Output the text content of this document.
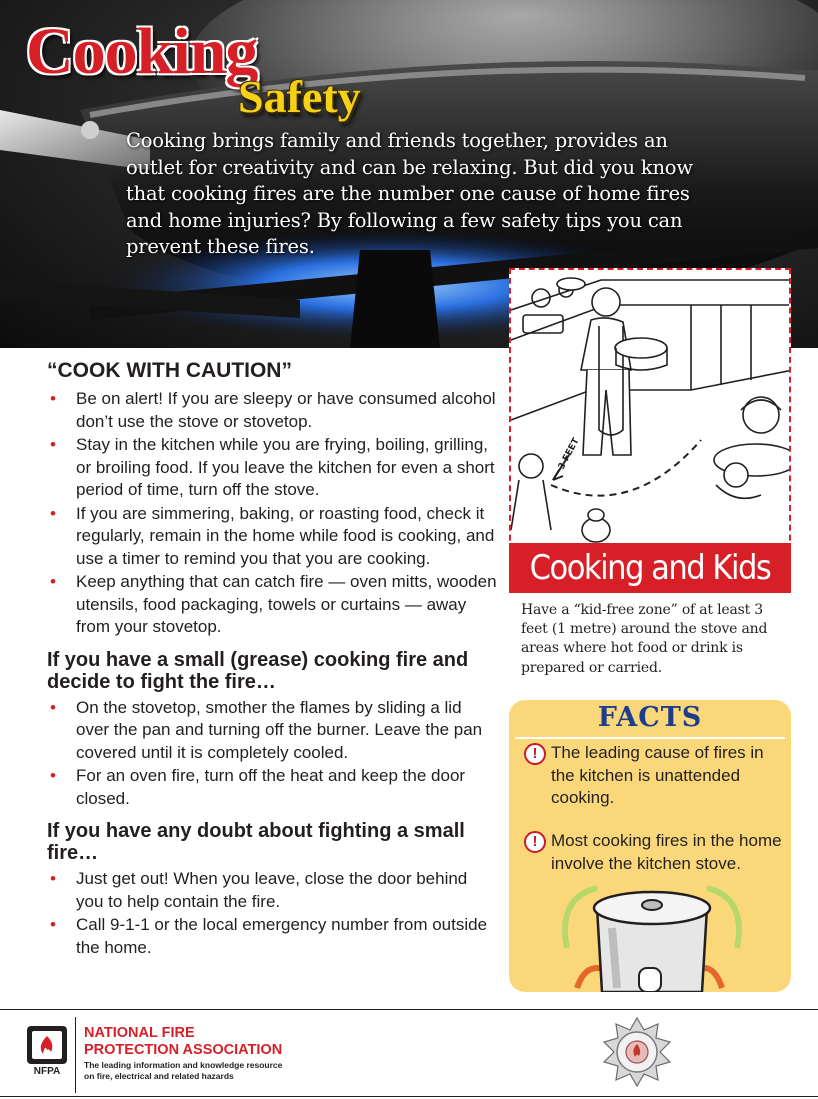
Cooking
Safety

Cooking brings family and friends together, provides an outlet for creativity and can be relaxing. But did you know that cooking fires are the number one cause of home fires and home injuries? By following a few safety tips you can prevent these fires.

“COOK WITH CAUTION”
• Be on alert! If you are sleepy or have consumed alcohol don’t use the stove or stovetop.
• Stay in the kitchen while you are frying, boiling, grilling, or broiling food. If you leave the kitchen for even a short period of time, turn off the stove.
• If you are simmering, baking, or roasting food, check it regularly, remain in the home while food is cooking, and use a timer to remind you that you are cooking.
• Keep anything that can catch fire — oven mitts, wooden utensils, food packaging, towels or curtains — away from your stovetop.
If you have a small (grease) cooking fire and decide to fight the fire…
• On the stovetop, smother the flames by sliding a lid over the pan and turning off the burner. Leave the pan covered until it is completely cooled.
• For an oven fire, turn off the heat and keep the door closed.
If you have any doubt about fighting a small fire…
• Just get out! When you leave, close the door behind you to help contain the fire.
• Call 9-1-1 or the local emergency number from outside the home.
3 FEET
Cooking and Kids

Have a “kid-free zone” of at least 3 feet (1 metre) around the stove and areas where hot food or drink is prepared or carried.

FACTS
! The leading cause of fires in the kitchen is unattended cooking.
! Most cooking fires in the home involve the kitchen stove.
NFPA
NATIONAL FIRE
PROTECTION ASSOCIATION
The leading information and knowledge resource on fire, electrical and related hazards
